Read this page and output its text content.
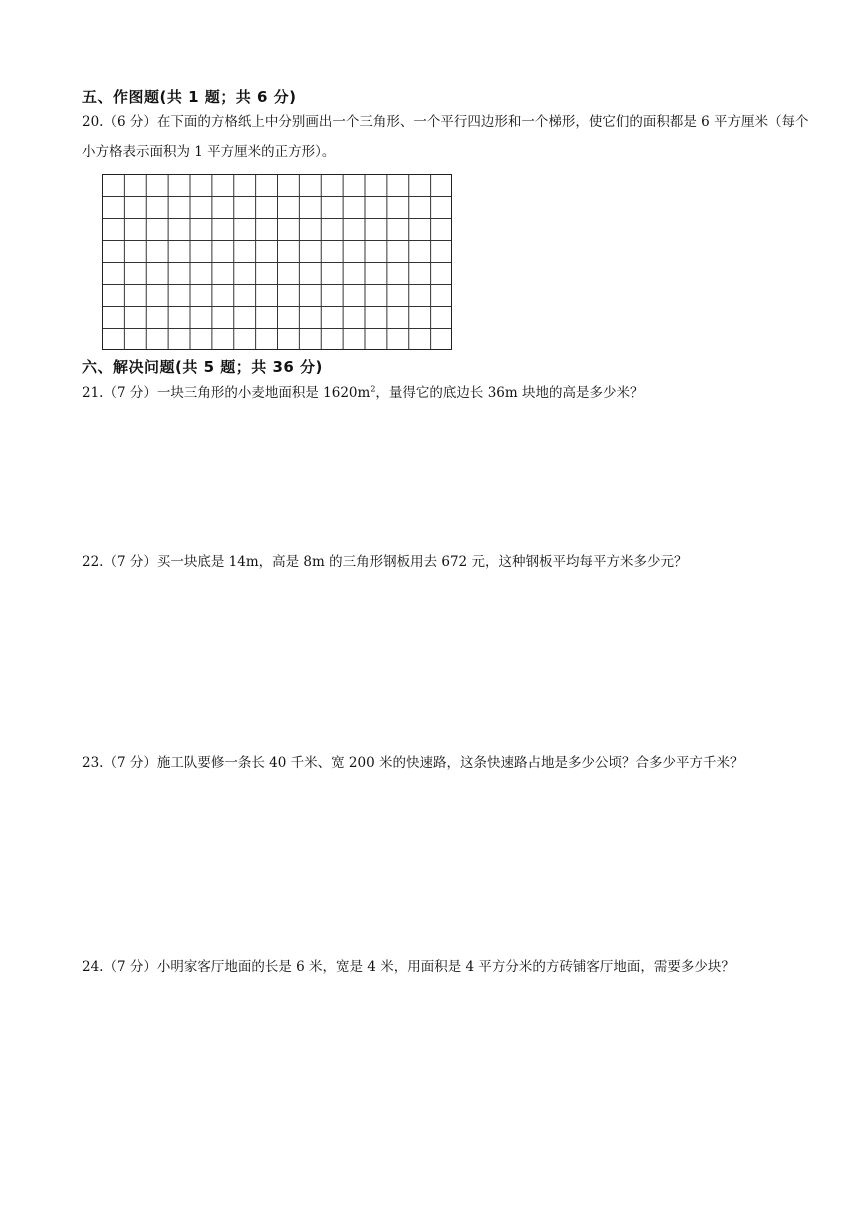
五、作图题(共 1 题；共 6 分)
20.（6 分）在下面的方格纸上中分别画出一个三角形、一个平行四边形和一个梯形，使它们的面积都是 6 平方厘米（每个小方格表示面积为 1 平方厘米的正方形）。
六、解决问题(共 5 题；共 36 分)
21.（7 分）一块三角形的小麦地面积是 $1620m^2$，量得它的底边长 36m 块地的高是多少米？
22.（7 分）买一块底是 14m，高是 8m 的三角形钢板用去 672 元，这种钢板平均每平方米多少元？
23.（7 分）施工队要修一条长 40 千米、宽 200 米的快速路，这条快速路占地是多少公顷？合多少平方千米？
24.（7 分）小明家客厅地面的长是 6 米，宽是 4 米，用面积是 4 平方分米的方砖铺客厅地面，需要多少块？
